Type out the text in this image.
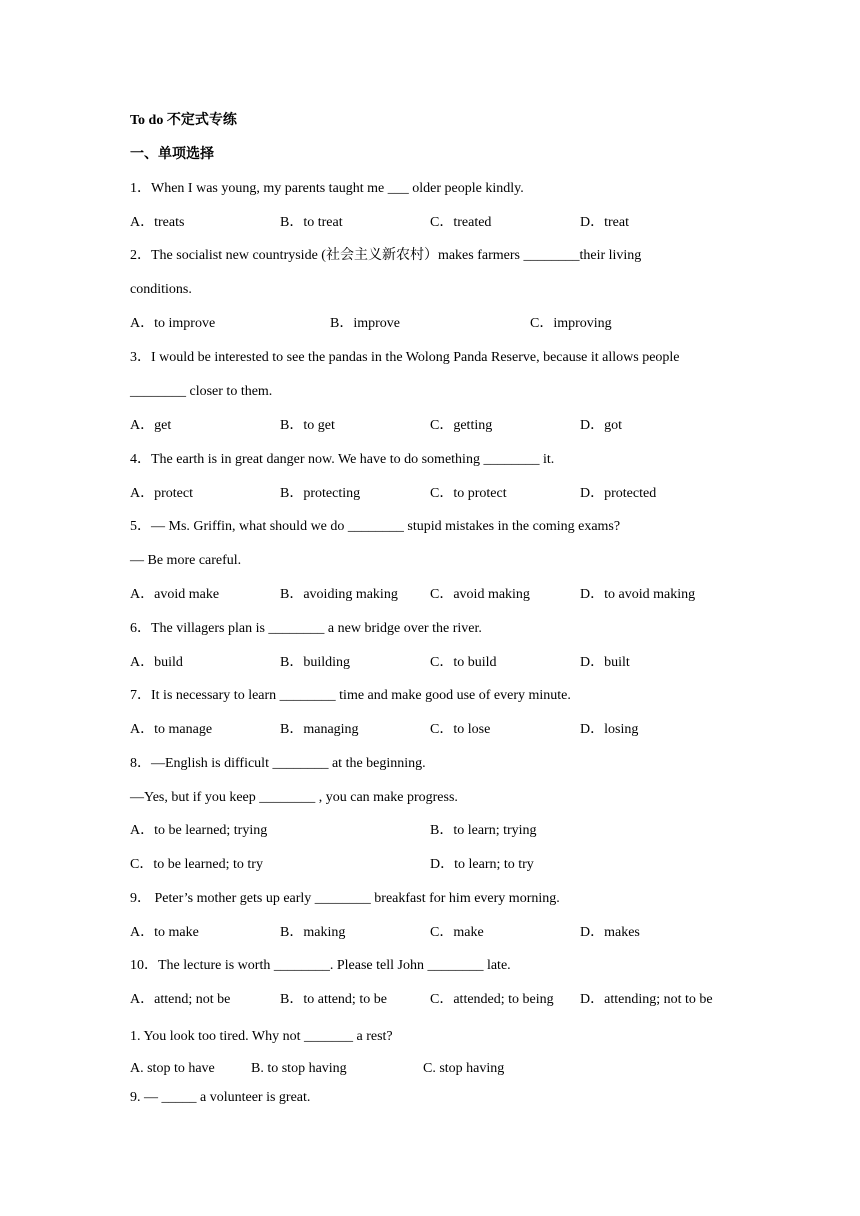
To do 不定式专练
一、单项选择
1．When I was young, my parents taught me ___ older people kindly.
A．treats	B．to treat	C．treated	D．treat
2．The socialist new countryside (社会主义新农村）makes farmers ________their living
conditions.
A．to improve	B．improve	C．improving
3．I would be interested to see the pandas in the Wolong Panda Reserve, because it allows people
________ closer to them.
A．get	B．to get	C．getting	D．got
4．The earth is in great danger now. We have to do something ________ it.
A．protect	B．protecting	C．to protect	D．protected
5．— Ms. Griffin, what should we do ________ stupid mistakes in the coming exams?
— Be more careful.
A．avoid make	B．avoiding making C．avoid making	D．to avoid making
6．The villagers plan is ________ a new bridge over the river.
A．build	B．building	C．to build	D．built
7．It is necessary to learn ________ time and make good use of every minute.
A．to manage	B．managing	C．to lose	D．losing
8．—English is difficult ________ at the beginning.
—Yes, but if you keep ________ , you can make progress.
A．to be learned; trying	B．to learn; trying
C．to be learned; to try	D．to learn; to try
9． Peter’s mother gets up early ________ breakfast for him every morning.
A．to make	B．making	C．make	D．makes
10．The lecture is worth ________. Please tell John ________ late.
A．attend; not be	B．to attend; to be	C．attended; to being D．attending; not to be
1. You look too tired. Why not _______ a rest?
A. stop to have	B. to stop having	C. stop having
9. — _____ a volunteer is great.
